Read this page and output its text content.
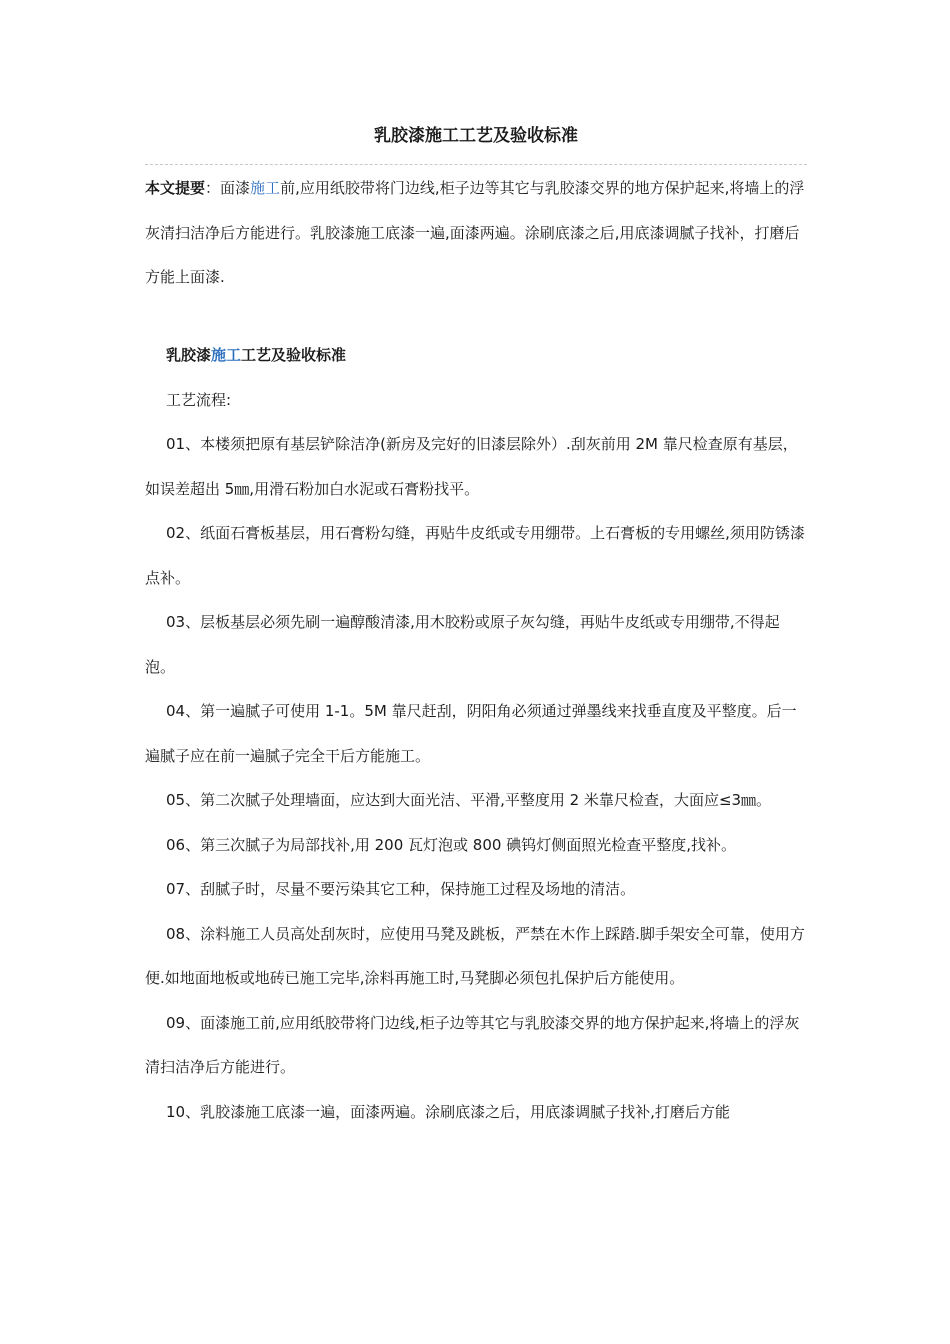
乳胶漆施工工艺及验收标准

本文提要：面漆施工前,应用纸胶带将门边线,柜子边等其它与乳胶漆交界的地方保护起来,将墙上的浮灰清扫洁净后方能进行。乳胶漆施工底漆一遍,面漆两遍。涂刷底漆之后,用底漆调腻子找补，打磨后方能上面漆.

乳胶漆施工工艺及验收标准

工艺流程:

01、本楼须把原有基层铲除洁净(新房及完好的旧漆层除外）.刮灰前用 2M 靠尺检查原有基层，如误差超出 5㎜,用滑石粉加白水泥或石膏粉找平。

02、纸面石膏板基层，用石膏粉勾缝，再贴牛皮纸或专用绷带。上石膏板的专用螺丝,须用防锈漆点补。

03、层板基层必须先刷一遍醇酸清漆,用木胶粉或原子灰勾缝，再贴牛皮纸或专用绷带,不得起泡。

04、第一遍腻子可使用 1-1。5M 靠尺赶刮，阴阳角必须通过弹墨线来找垂直度及平整度。后一遍腻子应在前一遍腻子完全干后方能施工。

05、第二次腻子处理墙面，应达到大面光洁、平滑,平整度用 2 米靠尺检查，大面应≤3㎜。

06、第三次腻子为局部找补,用 200 瓦灯泡或 800 碘钨灯侧面照光检查平整度,找补。

07、刮腻子时，尽量不要污染其它工种，保持施工过程及场地的清洁。

08、涂料施工人员高处刮灰时，应使用马凳及跳板，严禁在木作上踩踏.脚手架安全可靠，使用方便.如地面地板或地砖已施工完毕,涂料再施工时,马凳脚必须包扎保护后方能使用。

09、面漆施工前,应用纸胶带将门边线,柜子边等其它与乳胶漆交界的地方保护起来,将墙上的浮灰清扫洁净后方能进行。

10、乳胶漆施工底漆一遍，面漆两遍。涂刷底漆之后，用底漆调腻子找补,打磨后方能
